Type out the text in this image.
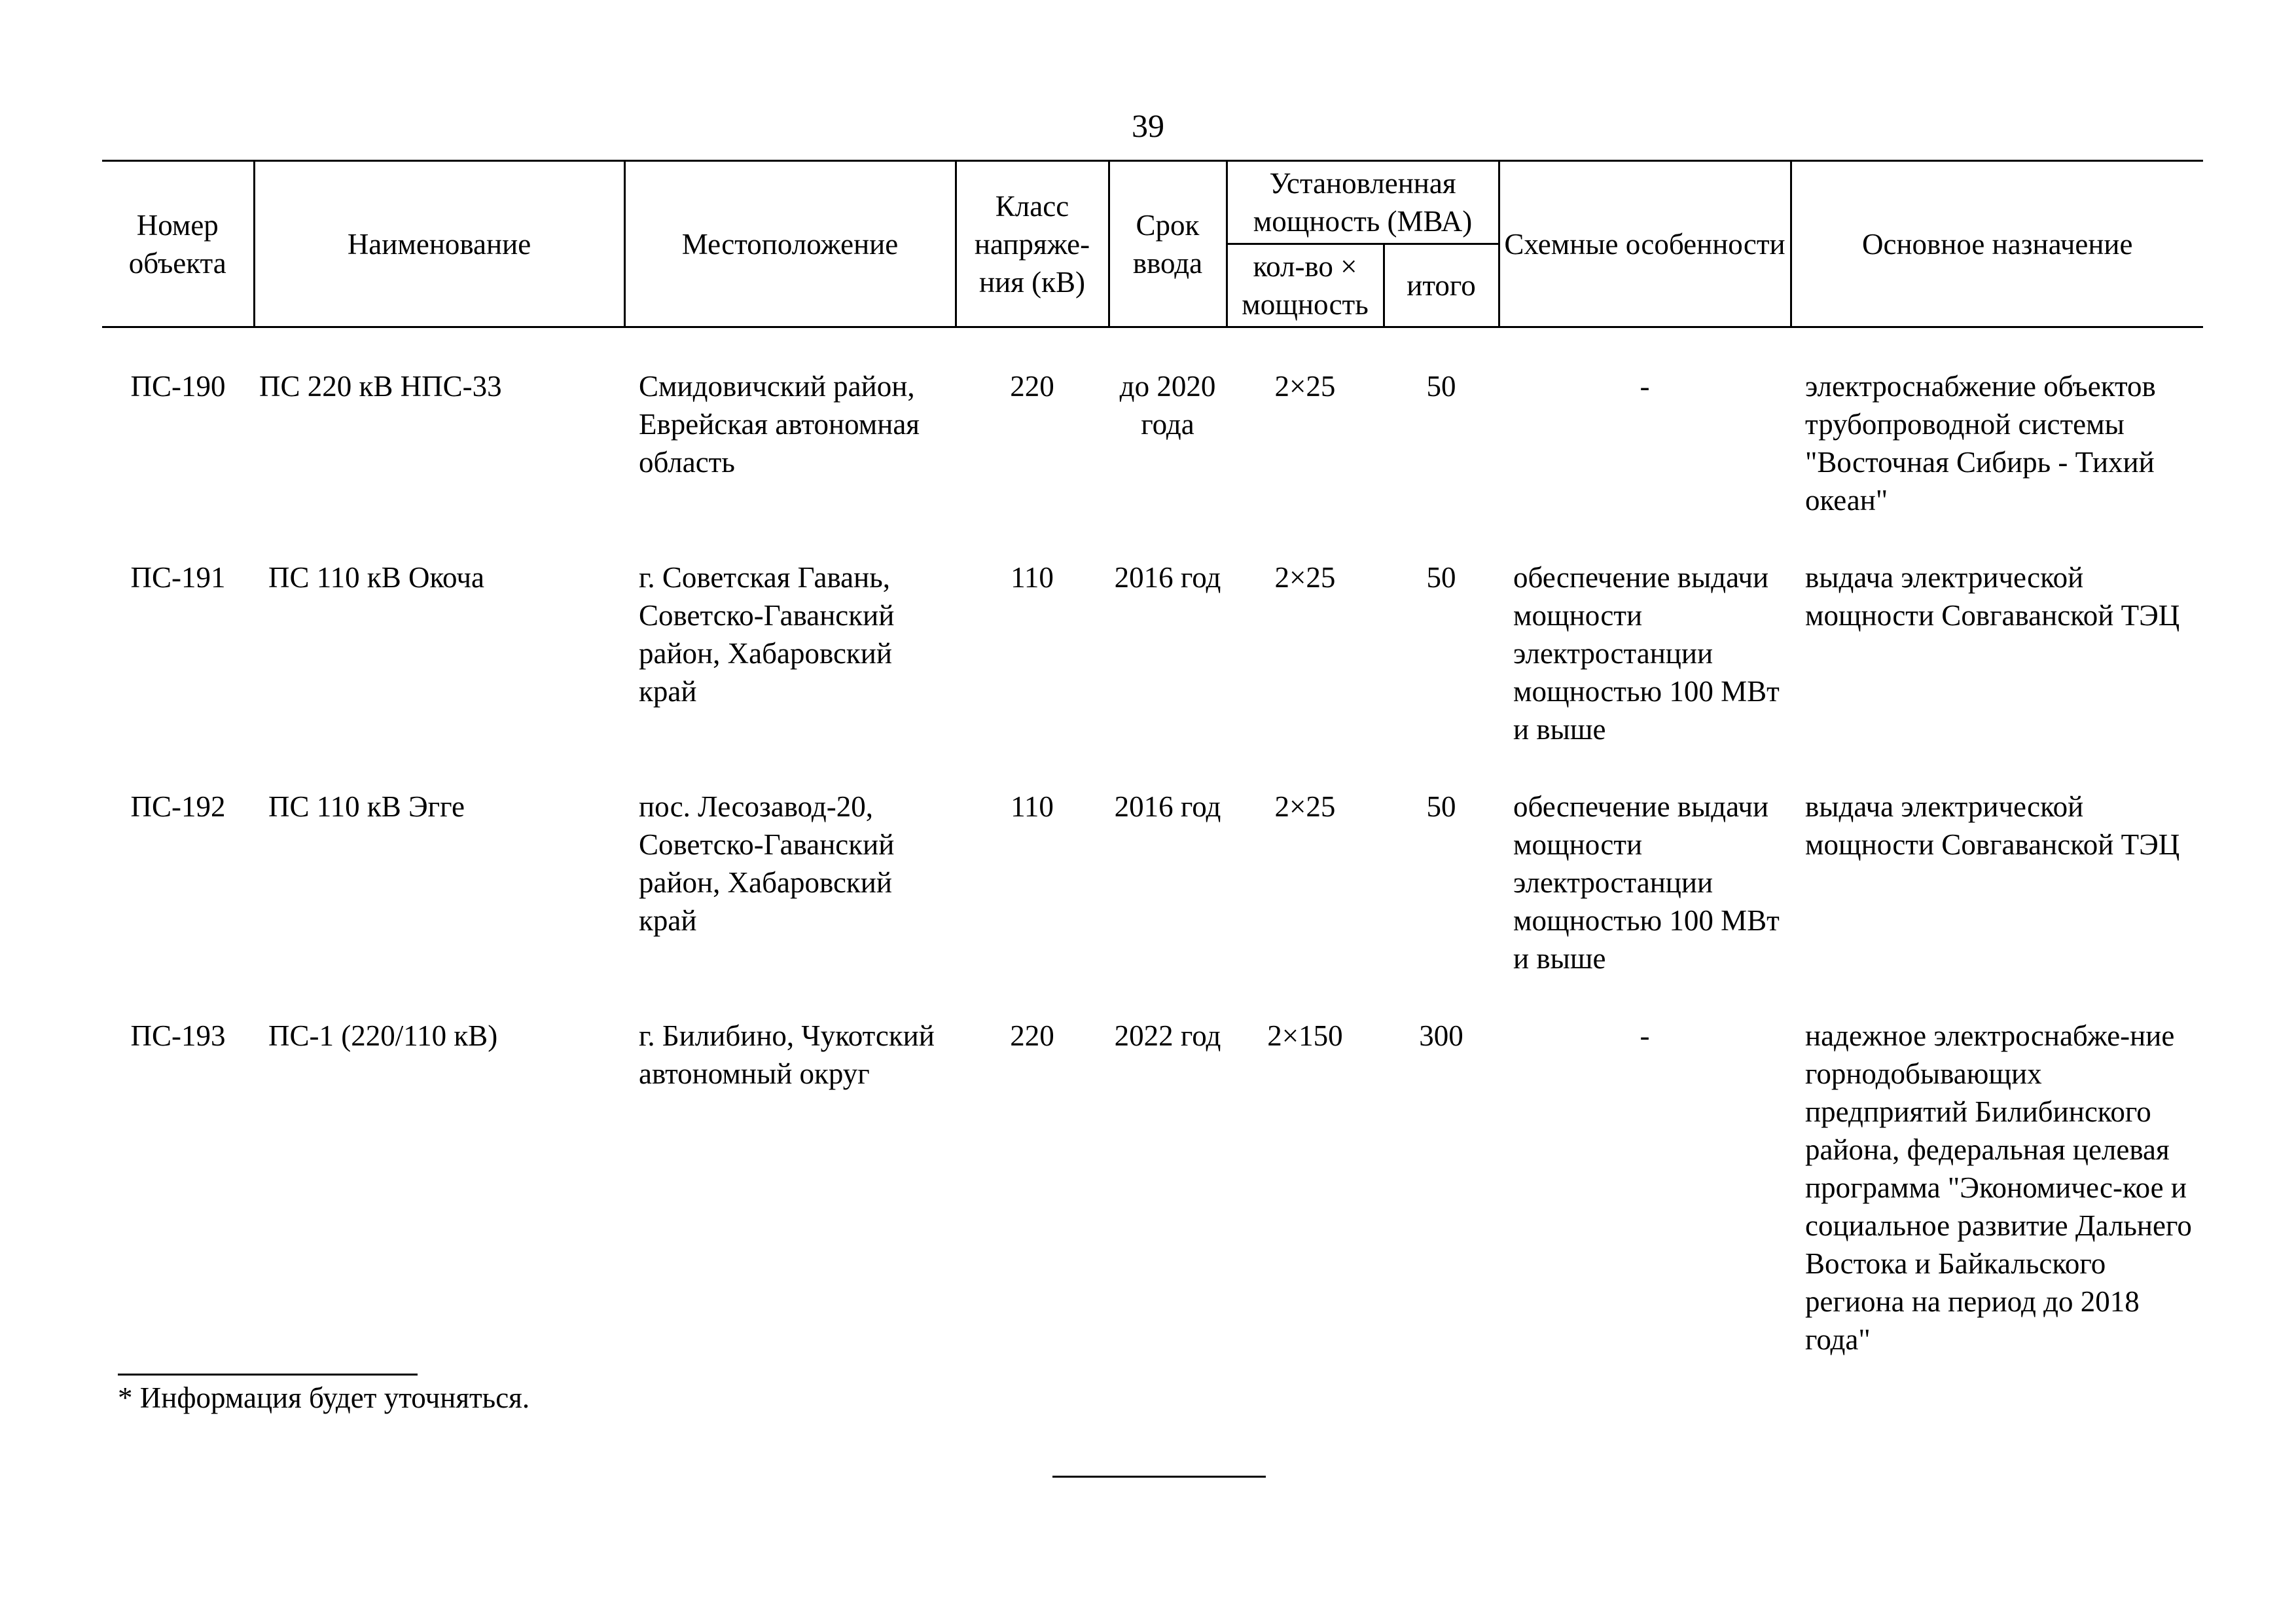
39
Номер объекта	Наименование	Местоположение	Класс напряже-ния (кВ)	Срок ввода	Установленная мощность (МВА)		Схемные особенности	Основное назначение
					кол-во × мощность	итого		
ПС-190	ПС 220 кВ НПС-33	Смидовичский район, Еврейская автономная область	220	до 2020 года	2×25	50	-	электроснабжение объектов трубопроводной системы "Восточная Сибирь - Тихий океан"
ПС-191	ПС 110 кВ Окоча	г. Советская Гавань, Советско-Гаванский район, Хабаровский край	110	2016 год	2×25	50	обеспечение выдачи мощности электростанции мощностью 100 МВт и выше	выдача электрической мощности Совгаванской ТЭЦ
ПС-192	ПС 110 кВ Эгге	пос. Лесозавод-20, Советско-Гаванский район, Хабаровский край	110	2016 год	2×25	50	обеспечение выдачи мощности электростанции мощностью 100 МВт и выше	выдача электрической мощности Совгаванской ТЭЦ
ПС-193	ПС-1 (220/110 кВ)	г. Билибино, Чукотский автономный округ	220	2022 год	2×150	300	-	надежное электроснабже-ние горнодобывающих предприятий Билибинского района, федеральная целевая программа "Экономичес-кое и социальное развитие Дальнего Востока и Байкальского региона на период до 2018 года"
* Информация будет уточняться.
